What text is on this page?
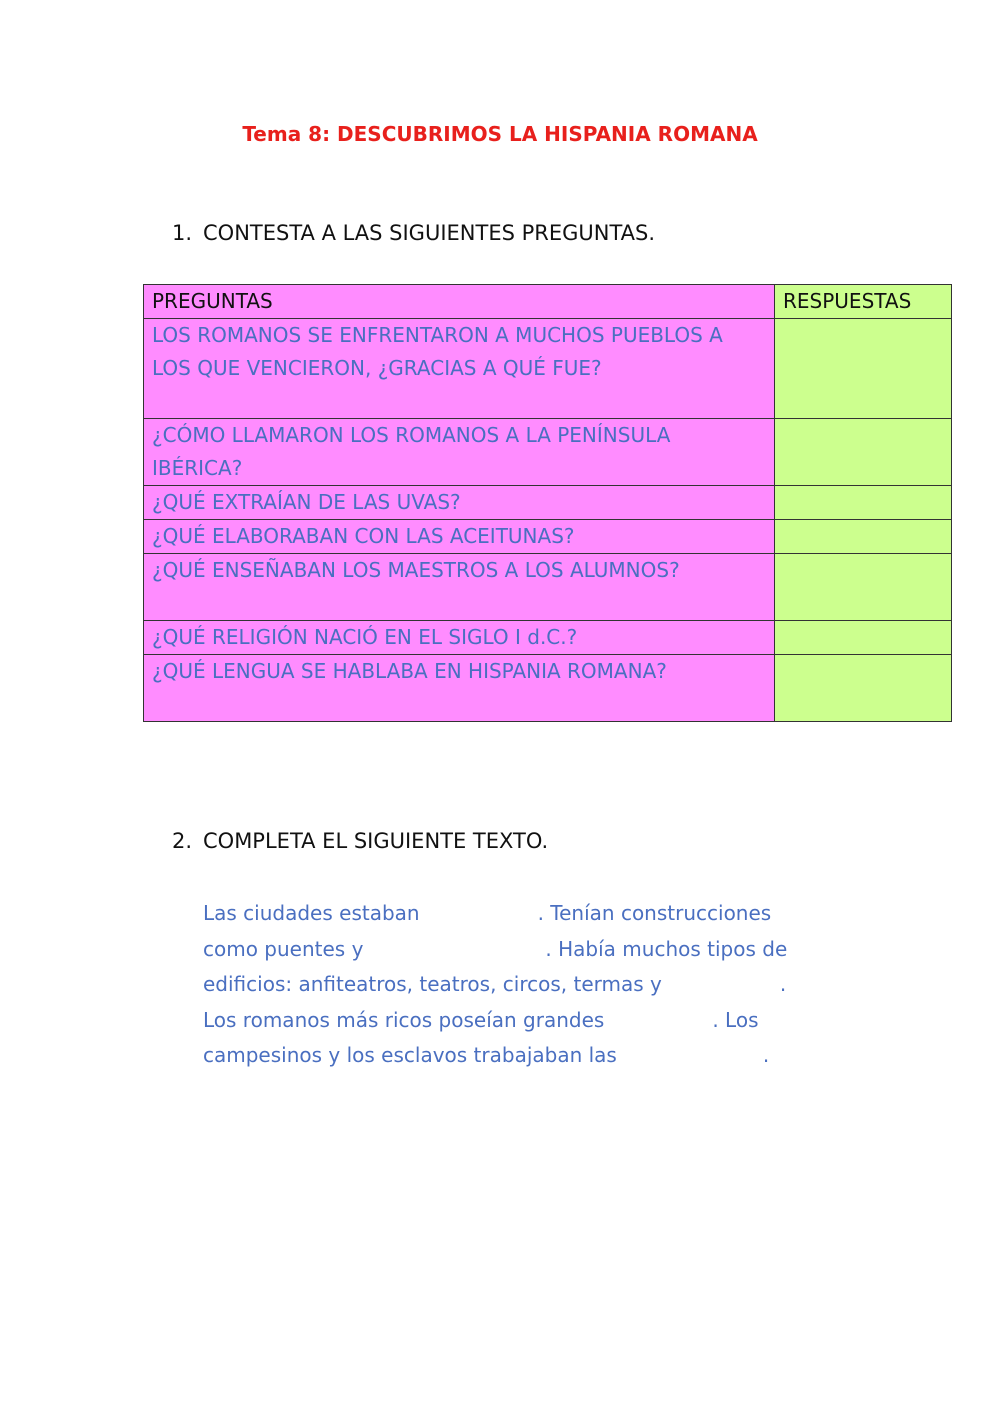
Tema 8: DESCUBRIMOS LA HISPANIA ROMANA
1. CONTESTA A LAS SIGUIENTES PREGUNTAS.
PREGUNTAS	RESPUESTAS
LOS ROMANOS SE ENFRENTARON A MUCHOS PUEBLOS A LOS QUE VENCIERON, ¿GRACIAS A QUÉ FUE?	
¿CÓMO LLAMARON LOS ROMANOS A LA PENÍNSULA IBÉRICA?	
¿QUÉ EXTRAÍAN DE LAS UVAS?	
¿QUÉ ELABORABAN CON LAS ACEITUNAS?	
¿QUÉ ENSEÑABAN LOS MAESTROS A LOS ALUMNOS?	
¿QUÉ RELIGIÓN NACIÓ EN EL SIGLO I d.C.?	
¿QUÉ LENGUA SE HABLABA EN HISPANIA ROMANA?	
2. COMPLETA EL SIGUIENTE TEXTO.
Las ciudades estaban	. Tenían construcciones
como puentes y	. Había muchos tipos de
edificios: anfiteatros, teatros, circos, termas y	.
Los romanos más ricos poseían grandes	. Los
campesinos y los esclavos trabajaban las	.
